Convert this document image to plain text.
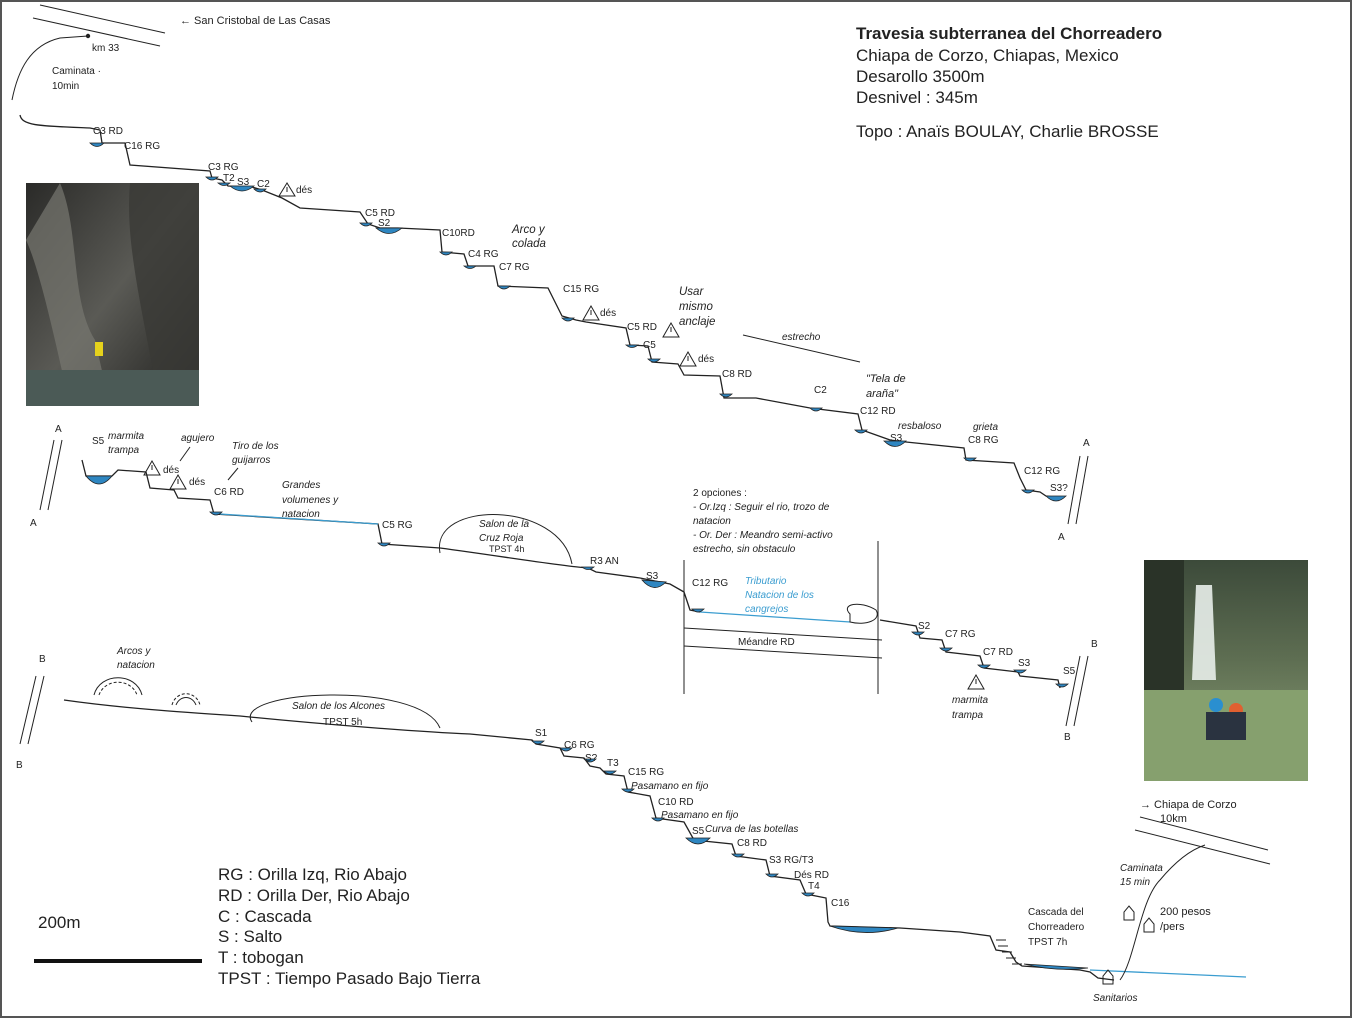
Travesia subterranea del Chorreadero
Chiapa de Corzo, Chiapas, Mexico
Desarollo 3500m
Desnivel : 345m
Topo : Anaïs BOULAY, Charlie BROSSE
← San Cristobal de Las Casas
km 33
Caminata ·
10min
C3 RD
C16 RG
C3 RG
T2 S3 C2
dés
C5 RD
S2
C10RD
C4 RG
C7 RG
Arco y
colada
C15 RG
dés
C5 RD
C5
Usar
mismo
anclaje
dés
estrecho
C8 RD
C2
"Tela de
araña"
C12 RD
S3
resbaloso	grieta
C8 RG
C12 RG
S3?
A
A
A
A
S5 marmita
trampa
agujero
Tiro de los
guijarros
dés
dés
C6 RD
Grandes
volumenes y
natacion
C5 RG	Salon de la
Cruz Roja
TPST 4h
R3 AN
S3
2 opciones :
- Or.Izq : Seguir el rio, trozo de
natacion
- Or. Der : Meandro semi-activo
estrecho, sin obstaculo
C12 RG Tributario
Natacion de los
cangrejos
Méandre RD
S2
C7 RG
C7 RD
S3
S5
marmita
trampa
B
B
B
B
Arcos y
natacion
Salon de los Alcones
TPST 5h
S1
C6 RG
S? T3
C15 RG
Pasamano en fijo
C10 RD
Pasamano en fijo
S5 Curva de las botellas
C8 RD
S3 RG/T3
Dés RD
T4
C16
Cascada del
Chorreadero
TPST 7h
→ Chiapa de Corzo
10km
Caminata
15 min
200 pesos
/pers
Sanitarios
RG : Orilla Izq, Rio Abajo
RD : Orilla Der, Rio Abajo
C : Cascada
S : Salto
T : tobogan
TPST : Tiempo Pasado Bajo Tierra
200m
